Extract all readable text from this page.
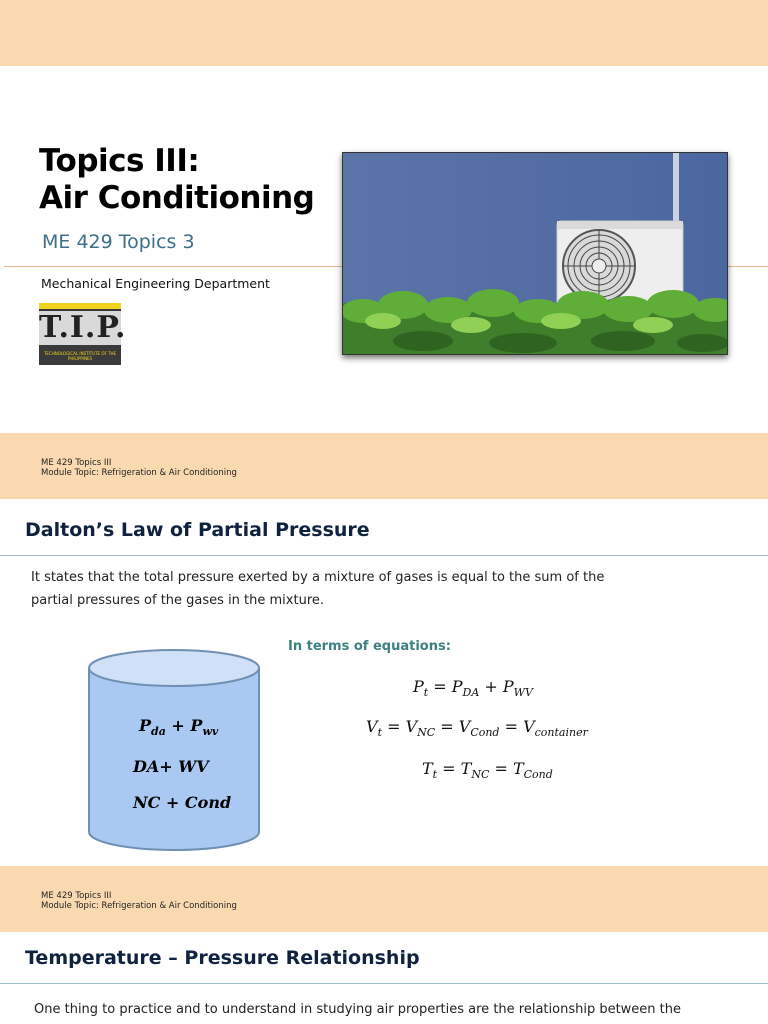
Topics III:
Air Conditioning
ME 429 Topics 3
Mechanical Engineering Department
T.I.P.
TECHNOLOGICAL INSTITUTE OF THE PHILIPPINES
ME 429 Topics III
Module Topic: Refrigeration & Air Conditioning
Dalton’s Law of Partial Pressure
It states that the total pressure exerted by a mixture of gases is equal to the sum of the
partial pressures of the gases in the mixture.
$P_{da} + P_{wv}$
DA+ WV
NC + Cond
In terms of equations:
$P_t = P_{DA} + P_{WV}$
$V_t = V_{NC} = V_{Cond} = V_{container}$
$T_t = T_{NC} = T_{Cond}$
ME 429 Topics III
Module Topic: Refrigeration & Air Conditioning
Temperature – Pressure Relationship
One thing to practice and to understand in studying air properties are the relationship between the
